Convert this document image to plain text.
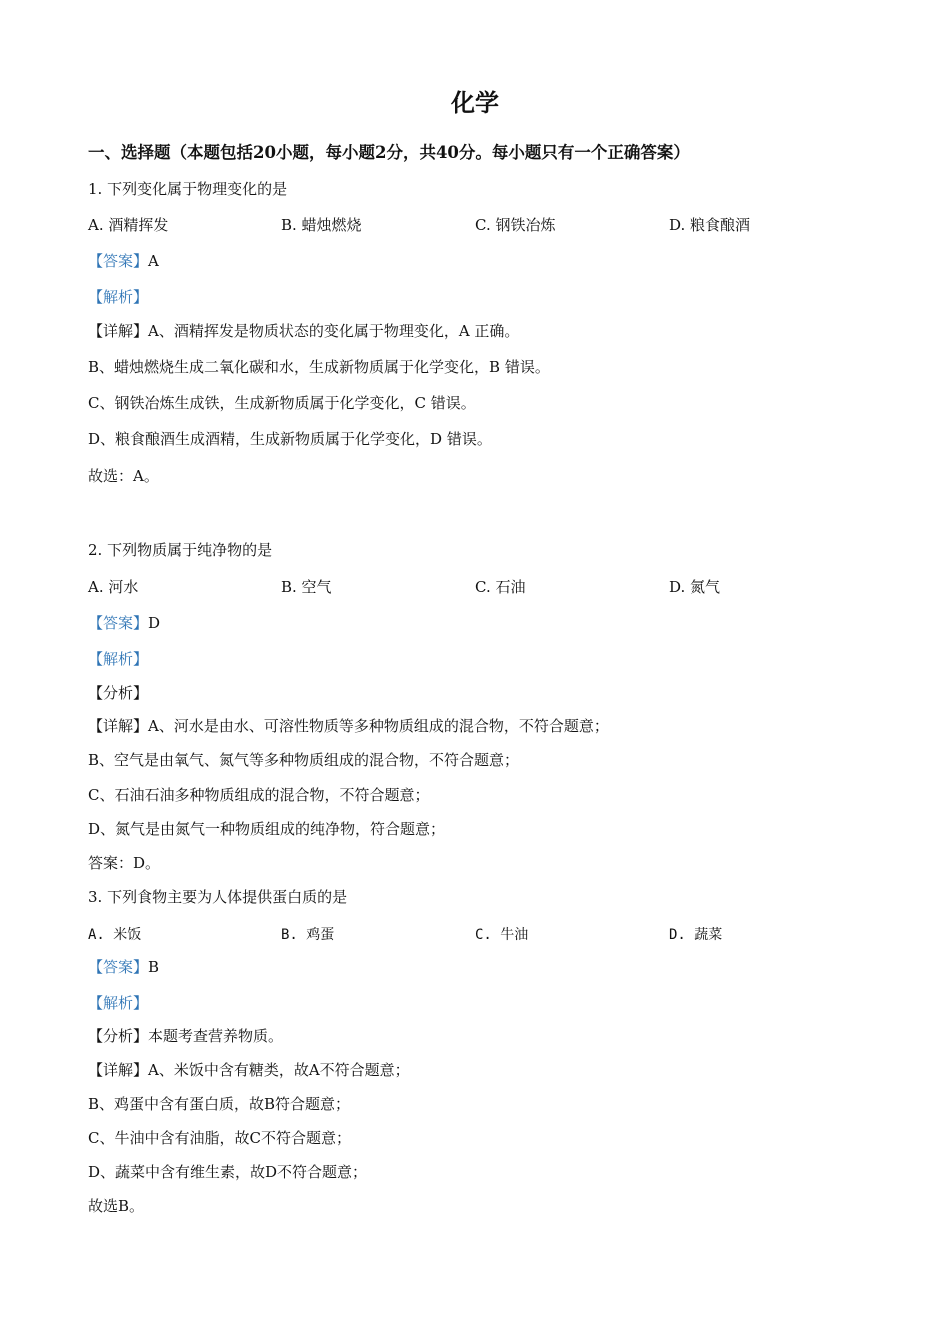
化学
一、选择题（本题包括20小题，每小题2分，共40分。每小题只有一个正确答案）
1. 下列变化属于物理变化的是
A. 酒精挥发	B. 蜡烛燃烧	C. 钢铁冶炼	D. 粮食酿酒
【答案】A
【解析】
【详解】A、酒精挥发是物质状态的变化属于物理变化，A 正确。
B、蜡烛燃烧生成二氧化碳和水，生成新物质属于化学变化，B 错误。
C、钢铁冶炼生成铁，生成新物质属于化学变化，C 错误。
D、粮食酿酒生成酒精，生成新物质属于化学变化，D 错误。
故选：A。
2. 下列物质属于纯净物的是
A. 河水	B. 空气	C. 石油	D. 氮气
【答案】D
【解析】
【分析】
【详解】A、河水是由水、可溶性物质等多种物质组成的混合物，不符合题意；
B、空气是由氧气、氮气等多种物质组成的混合物，不符合题意；
C、石油石油多种物质组成的混合物，不符合题意；
D、氮气是由氮气一种物质组成的纯净物，符合题意；
答案：D。
3. 下列食物主要为人体提供蛋白质的是
A. 米饭	B. 鸡蛋	C. 牛油	D. 蔬菜
【答案】B
【解析】
【分析】本题考查营养物质。
【详解】A、米饭中含有糖类，故A不符合题意；
B、鸡蛋中含有蛋白质，故B符合题意；
C、牛油中含有油脂，故C不符合题意；
D、蔬菜中含有维生素，故D不符合题意；
故选B。
